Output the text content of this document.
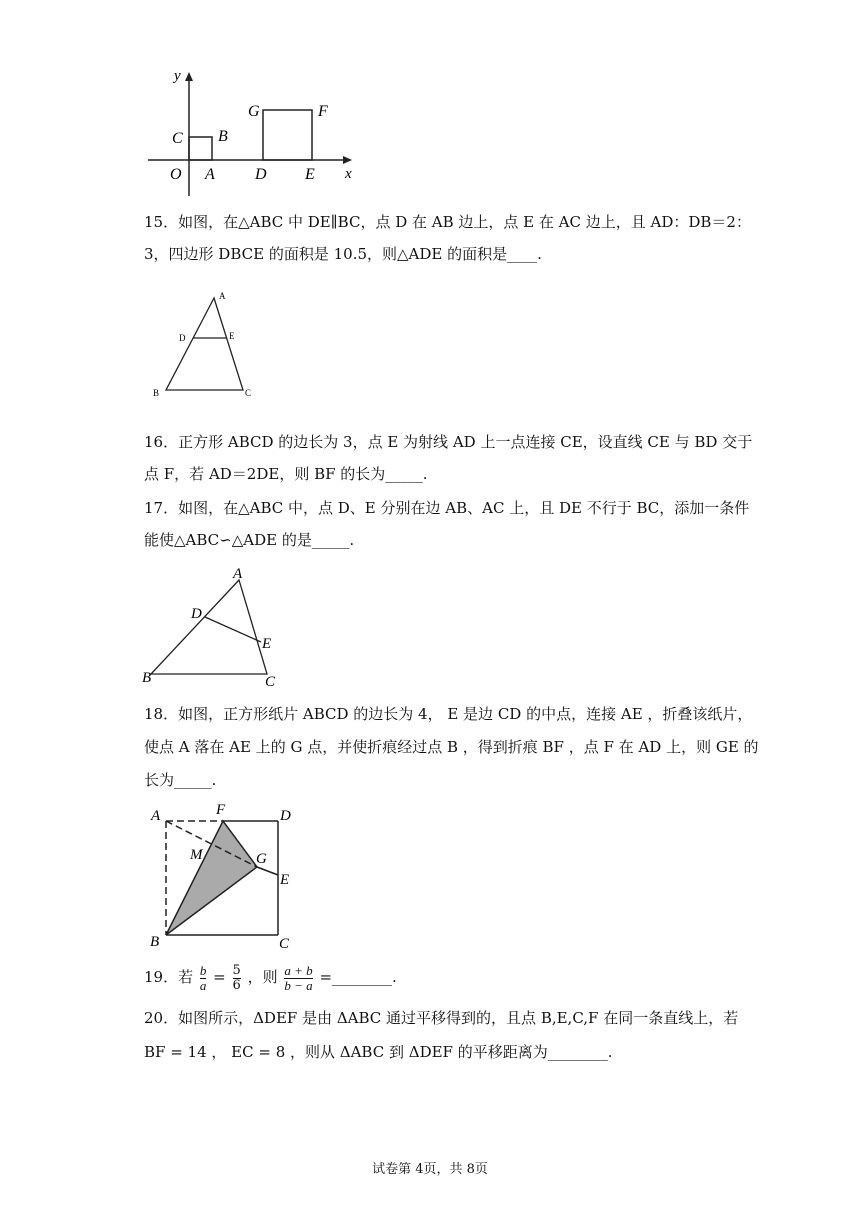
y
x
O A
B
C
D E
F
G
15．如图，在△ABC 中 DE∥BC，点 D 在 AB 边上，点 E 在 AC 边上，且 AD：DB＝2：
3，四边形 DBCE 的面积是 10.5，则△ADE 的面积是____.
A
D	E
B	C
16．正方形 ABCD 的边长为 3，点 E 为射线 AD 上一点连接 CE，设直线 CE 与 BD 交于
点 F，若 AD＝2DE，则 BF 的长为_____.
17．如图，在△ABC 中，点 D、E 分别在边 AB、AC 上，且 DE 不行于 BC，添加一条件
能使△ABC∽△ADE 的是_____.
A
D
E
B	C
18．如图，正方形纸片 ABCD 的边长为 4， E 是边 CD 的中点，连接 AE ，折叠该纸片，
使点 A 落在 AE 上的 G 点，并使折痕经过点 B ，得到折痕 BF ，点 F 在 AD 上，则 GE 的
长为_____.
A	F	D
M	G
E
B	C
19．若 $\frac{b}{a} = \frac{5}{6}$ ，则 $\frac{a + b}{b - a}$ =________.
20．如图所示，ΔDEF 是由 ΔABC 通过平移得到的，且点 B,E,C,F 在同一条直线上，若
BF = 14 ， EC = 8 ，则从 ΔABC 到 ΔDEF 的平移距离为________.
试卷第 4页，共 8页
